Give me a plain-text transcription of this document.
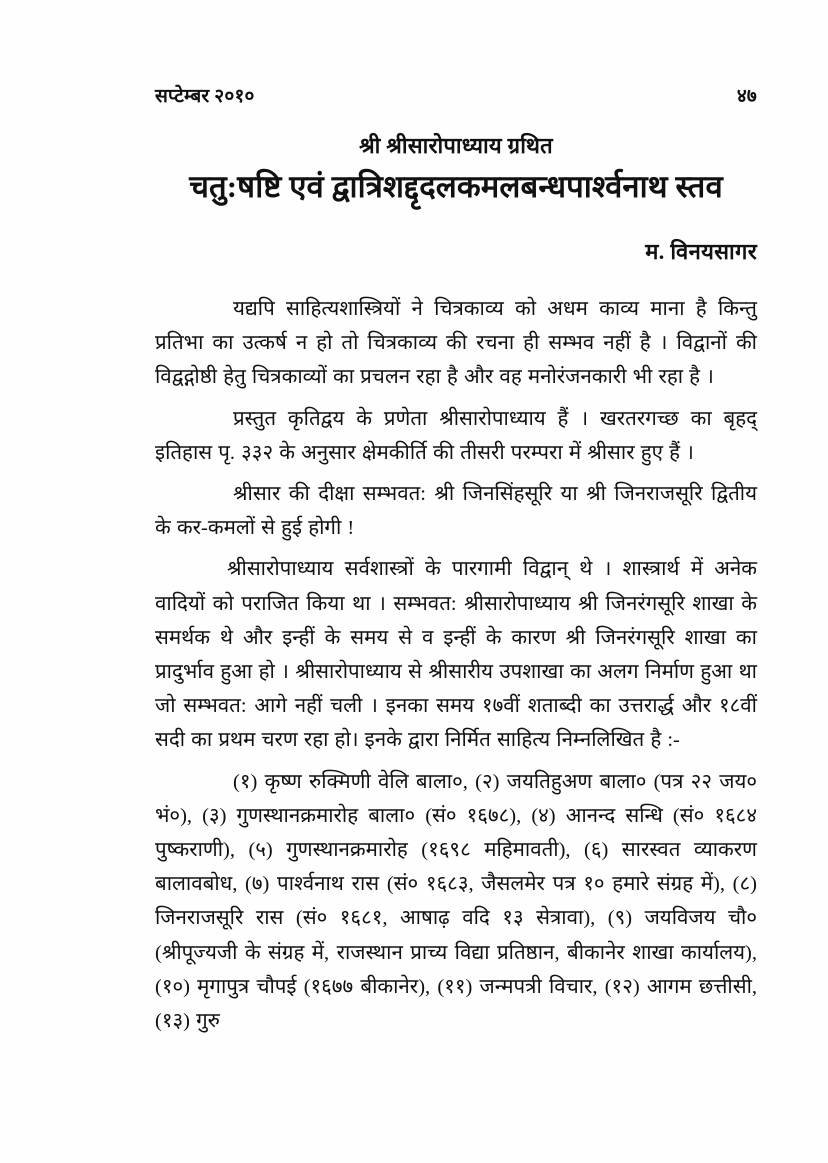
सप्टेम्बर २०१०	४७
श्री श्रीसारोपाध्याय ग्रथित
चतु:षष्टि एवं द्वात्रिशद्दृदलकमलबन्धपार्श्वनाथ स्तव
म. विनयसागर

यद्यपि साहित्यशास्त्रियों ने चित्रकाव्य को अधम काव्य माना है किन्तु प्रतिभा का उत्कर्ष न हो तो चित्रकाव्य की रचना ही सम्भव नहीं है । विद्वानों की विद्वद्गोष्ठी हेतु चित्रकाव्यों का प्रचलन रहा है और वह मनोरंजनकारी भी रहा है ।

प्रस्तुत कृतिद्वय के प्रणेता श्रीसारोपाध्याय हैं । खरतरगच्छ का बृहद् इतिहास पृ. ३३२ के अनुसार क्षेमकीर्ति की तीसरी परम्परा में श्रीसार हुए हैं ।

श्रीसार की दीक्षा सम्भवत: श्री जिनसिंहसूरि या श्री जिनराजसूरि द्वितीय के कर-कमलों से हुई होगी !

श्रीसारोपाध्याय सर्वशास्त्रों के पारगामी विद्वान् थे । शास्त्रार्थ में अनेक वादियों को पराजित किया था । सम्भवत: श्रीसारोपाध्याय श्री जिनरंगसूरि शाखा के समर्थक थे और इन्हीं के समय से व इन्हीं के कारण श्री जिनरंगसूरि शाखा का प्रादुर्भाव हुआ हो । श्रीसारोपाध्याय से श्रीसारीय उपशाखा का अलग निर्माण हुआ था जो सम्भवत: आगे नहीं चली । इनका समय १७वीं शताब्दी का उत्तरार्द्ध और १८वीं सदी का प्रथम चरण रहा हो। इनके द्वारा निर्मित साहित्य निम्नलिखित है :-

(१) कृष्ण रुक्मिणी वेलि बाला०, (२) जयतिहुअण बाला० (पत्र २२ जय० भं०), (३) गुणस्थानक्रमारोह बाला० (सं० १६७८), (४) आनन्द सन्धि (सं० १६८४ पुष्कराणी), (५) गुणस्थानक्रमारोह (१६९८ महिमावती), (६) सारस्वत व्याकरण बालावबोध, (७) पार्श्वनाथ रास (सं० १६८३, जैसलमेर पत्र १० हमारे संग्रह में), (८) जिनराजसूरि रास (सं० १६८१, आषाढ़ वदि १३ सेत्रावा), (९) जयविजय चौ० (श्रीपूज्यजी के संग्रह में, राजस्थान प्राच्य विद्या प्रतिष्ठान, बीकानेर शाखा कार्यालय), (१०) मृगापुत्र चौपई (१६७७ बीकानेर), (११) जन्मपत्री विचार, (१२) आगम छत्तीसी, (१३) गुरु
